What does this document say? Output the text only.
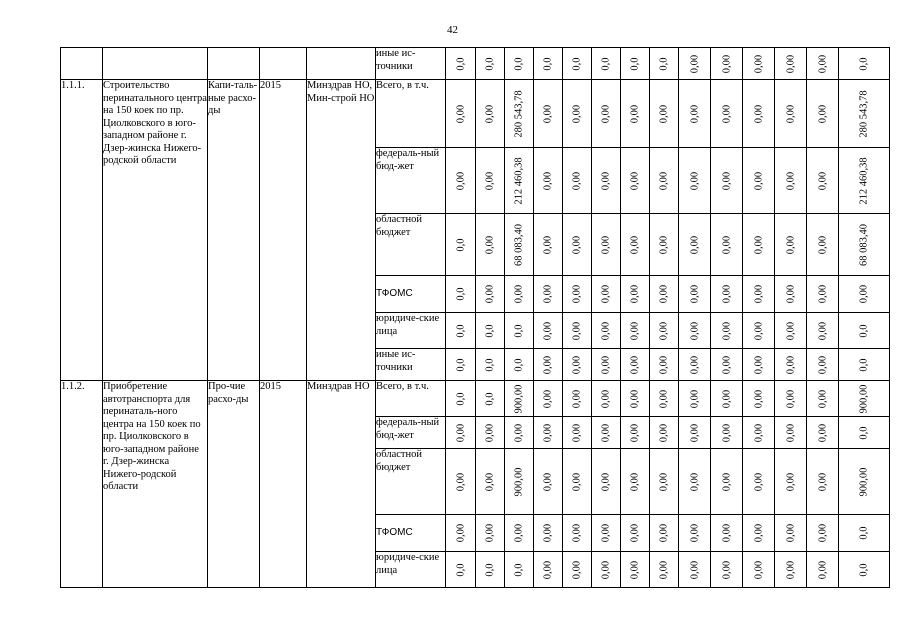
42
					иные ис-
точники	0,0	0,0	0,0	0,0	0,0	0,0	0,0	0,0	0,00	0,00	0,00	0,00	0,00	0,0

1.1.1.	Строительство перинатального центра на 150 коек по пр. Циолковского в юго-западном районе г. Дзер-жинска Нижего-родской области	Капи-таль-ные расхо-ды	2015	Минздрав НО, Мин-строй НО	Всего, в т.ч.	0,00	0,00	280 543,78	0,00	0,00	0,00	0,00	0,00	0,00	0,00	0,00	0,00	0,00	280 543,78

					федераль-ный бюд-жет	0,00	0,00	212 460,38	0,00	0,00	0,00	0,00	0,00	0,00	0,00	0,00	0,00	0,00	212 460,38

					областной бюджет	0,0	0,00	68 083,40	0,00	0,00	0,00	0,00	0,00	0,00	0,00	0,00	0,00	0,00	68 083,40

					ТФОМС	0,0	0,00	0,00	0,00	0,00	0,00	0,00	0,00	0,00	0,00	0,00	0,00	0,00	0,00

					юридиче-ские лица	0,0	0,0	0,0	0,00	0,00	0,00	0,00	0,00	0,00	0,00	0,00	0,00	0,00	0,0

					иные ис-точники	0,0	0,0	0,0	0,00	0,00	0,00	0,00	0,00	0,00	0,00	0,00	0,00	0,00	0,0

1.1.2.	Приобретение автотранспорта для перинаталь-ного центра на 150 коек по пр. Циолковского в юго-западном районе г. Дзер-жинска Нижего-родской области	Про-чие расхо-ды	2015	Минздрав НО	Всего, в т.ч.	0,0	0,0	900,00	0,00	0,00	0,00	0,00	0,00	0,00	0,00	0,00	0,00	0,00	900,00

					федераль-ный бюд-жет	0,00	0,00	0,00	0,00	0,00	0,00	0,00	0,00	0,00	0,00	0,00	0,00	0,00	0,0

					областной бюджет	0,00	0,00	900,00	0,00	0,00	0,00	0,00	0,00	0,00	0,00	0,00	0,00	0,00	900,00

					ТФОМС	0,00	0,00	0,00	0,00	0,00	0,00	0,00	0,00	0,00	0,00	0,00	0,00	0,00	0,0

					юридиче-ские лица	0,0	0,0	0,0	0,00	0,00	0,00	0,00	0,00	0,00	0,00	0,00	0,00	0,00	0,0
